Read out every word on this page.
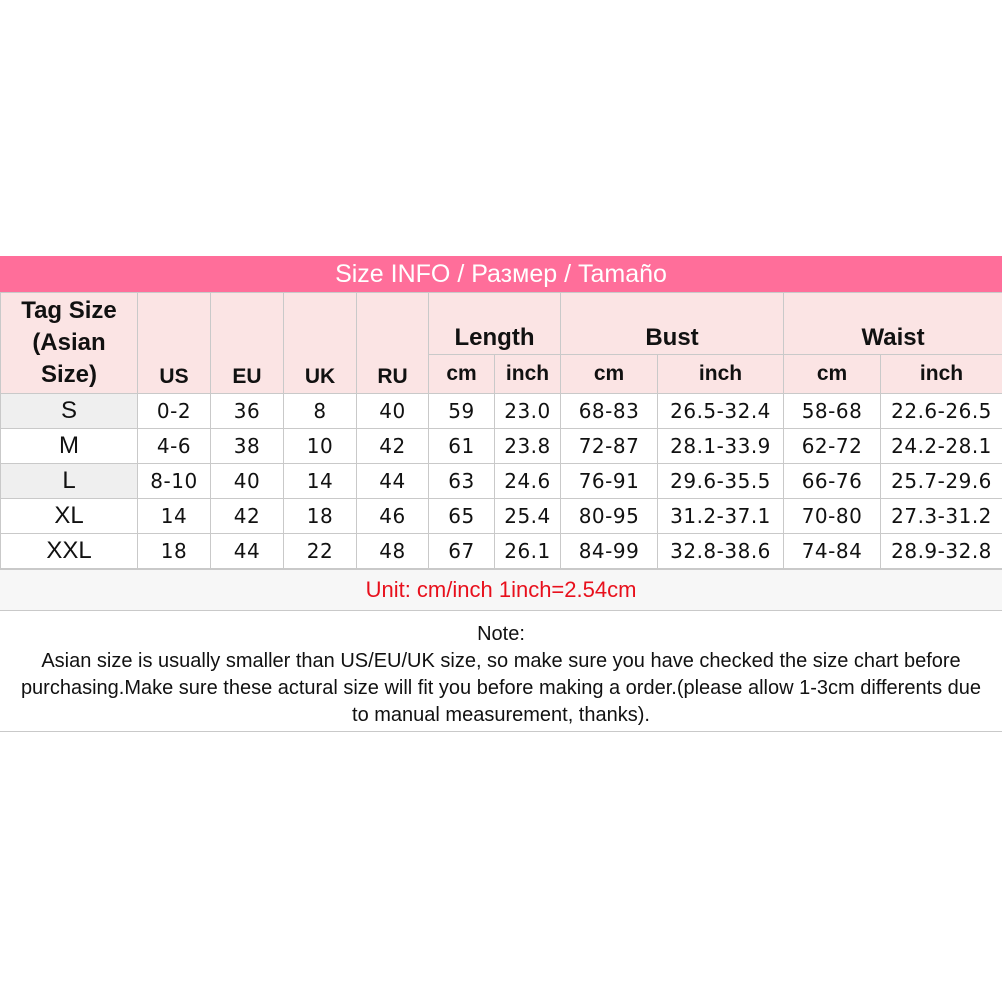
Size INFO / Размер / Tamaño
Tag Size (Asian Size)	US	EU	UK	RU	Length		Bust		Waist	
					cm	inch	cm	inch	cm	inch
S	0-2	36	8	40	59	23.0	68-83	26.5-32.4	58-68	22.6-26.5
M	4-6	38	10	42	61	23.8	72-87	28.1-33.9	62-72	24.2-28.1
L	8-10	40	14	44	63	24.6	76-91	29.6-35.5	66-76	25.7-29.6
XL	14	42	18	46	65	25.4	80-95	31.2-37.1	70-80	27.3-31.2
XXL	18	44	22	48	67	26.1	84-99	32.8-38.6	74-84	28.9-32.8
Unit: cm/inch 1inch=2.54cm
Note:
Asian size is usually smaller than US/EU/UK size, so make sure you have checked the size chart before purchasing.Make sure these actural size will fit you before making a order.(please allow 1-3cm differents due to manual measurement, thanks).
